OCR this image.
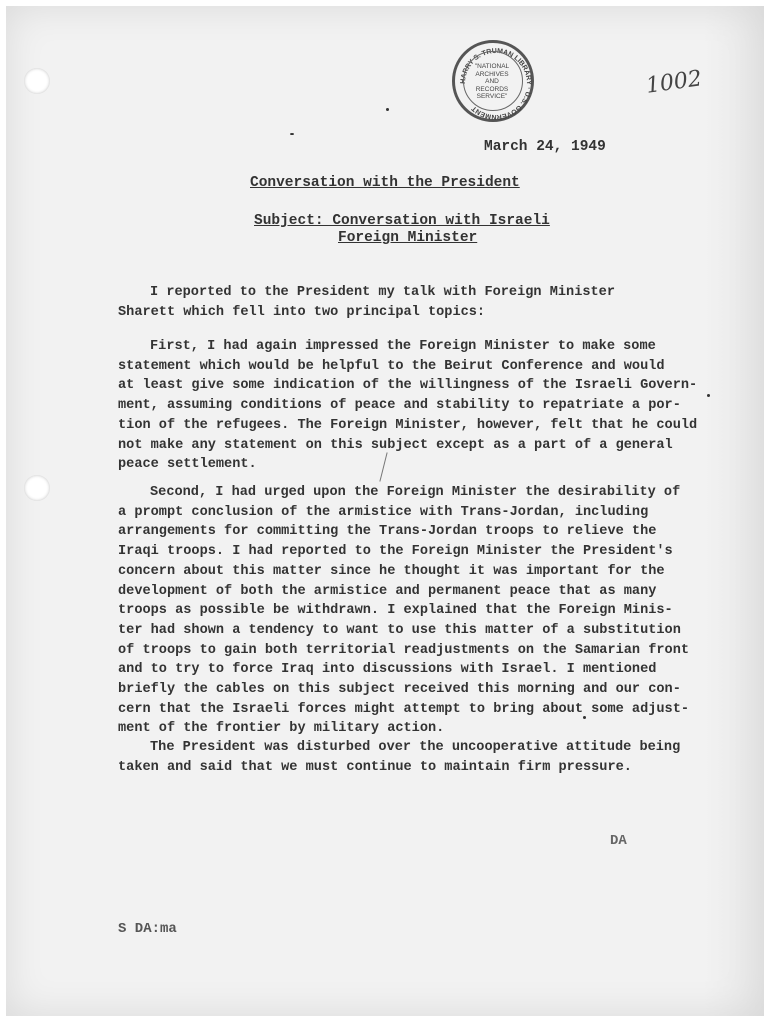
HARRY S. TRUMAN LIBRARY · U.S. GOVERNMENT
"NATIONAL ARCHIVES AND RECORDS SERVICE"	1002
March 24, 1949
Conversation with the President
Subject: Conversation with Israeli
Foreign Minister
I reported to the President my talk with Foreign Minister
Sharett which fell into two principal topics:
First, I had again impressed the Foreign Minister to make some
statement which would be helpful to the Beirut Conference and would
at least give some indication of the willingness of the Israeli Govern-
ment, assuming conditions of peace and stability to repatriate a por-
tion of the refugees. The Foreign Minister, however, felt that he could
not make any statement on this subject except as a part of a general
peace settlement.
Second, I had urged upon the Foreign Minister the desirability of
a prompt conclusion of the armistice with Trans-Jordan, including
arrangements for committing the Trans-Jordan troops to relieve the
Iraqi troops. I had reported to the Foreign Minister the President's
concern about this matter since he thought it was important for the
development of both the armistice and permanent peace that as many
troops as possible be withdrawn. I explained that the Foreign Minis-
ter had shown a tendency to want to use this matter of a substitution
of troops to gain both territorial readjustments on the Samarian front
and to try to force Iraq into discussions with Israel. I mentioned
briefly the cables on this subject received this morning and our con-
cern that the Israeli forces might attempt to bring about some adjust-
ment of the frontier by military action.
The President was disturbed over the uncooperative attitude being
taken and said that we must continue to maintain firm pressure.
DA
S DA:ma
